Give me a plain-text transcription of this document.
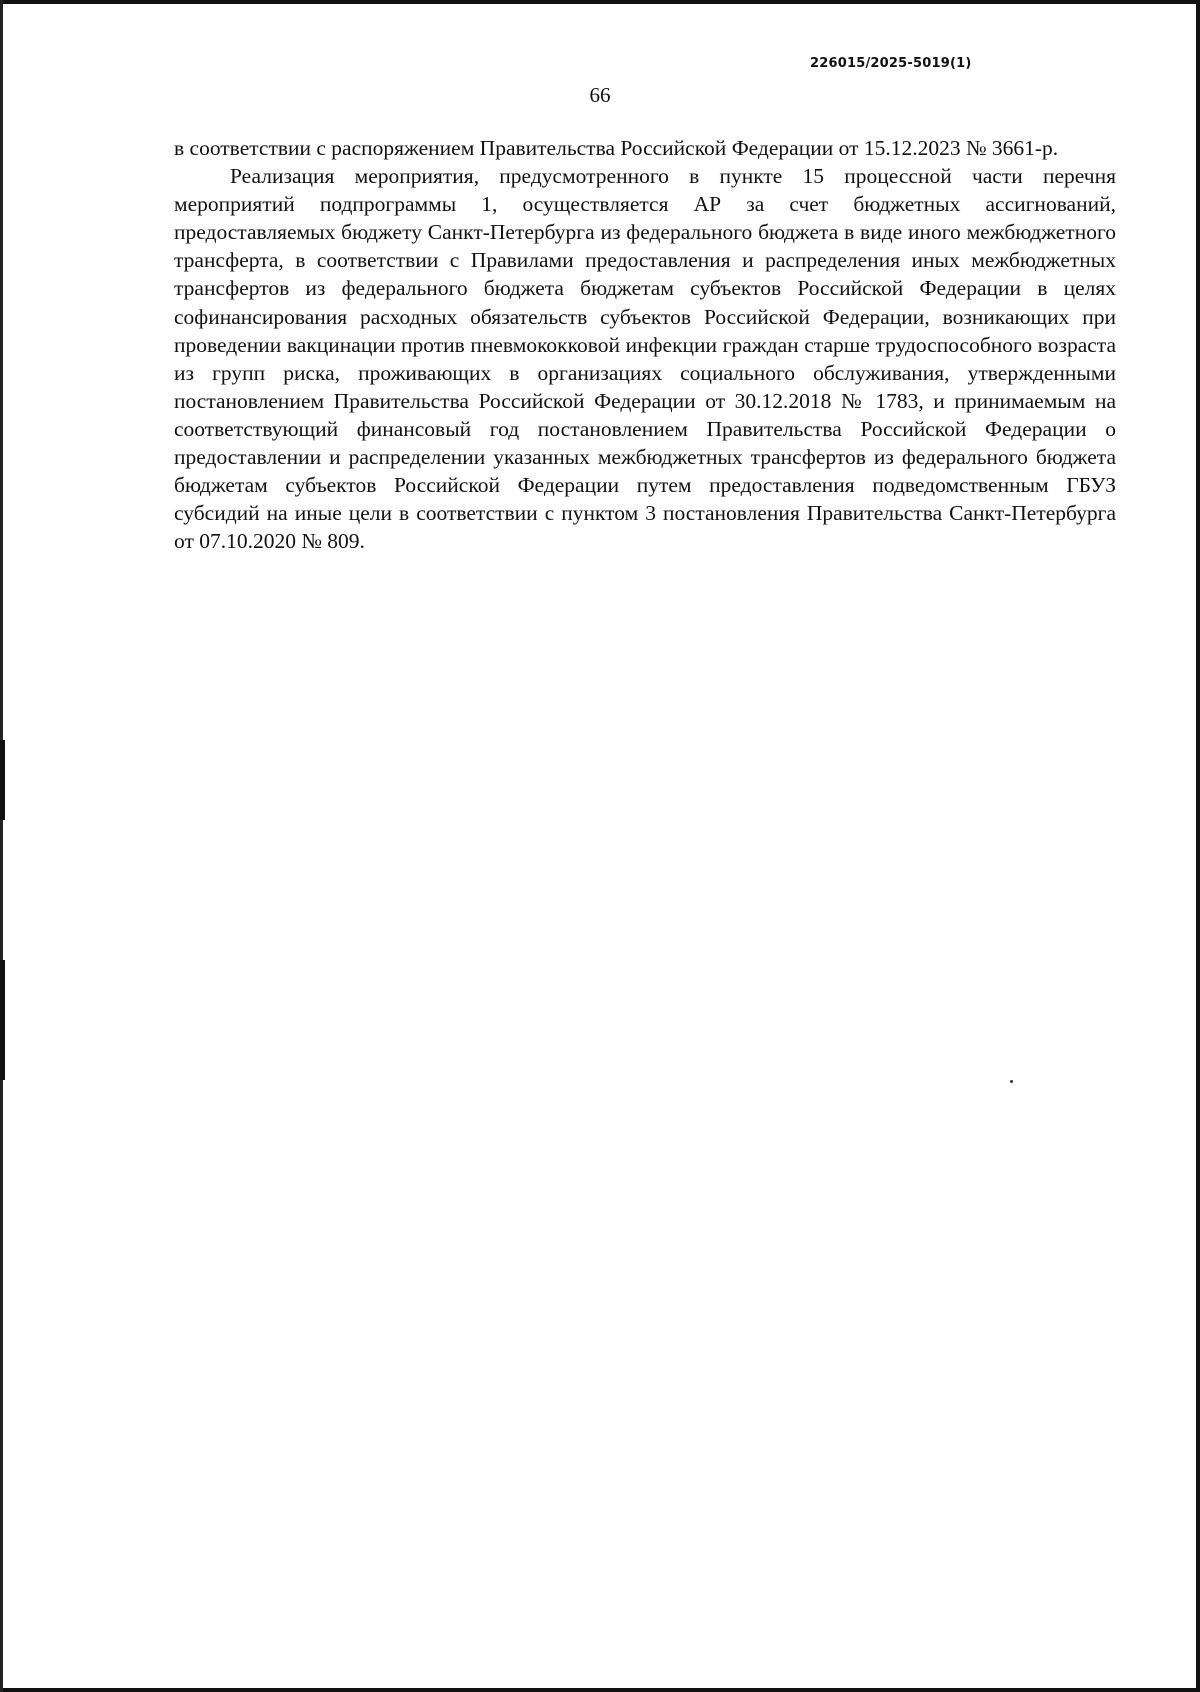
226015/2025-5019(1)
66

в соответствии с распоряжением Правительства Российской Федерации от 15.12.2023 № 3661-р.

Реализация мероприятия, предусмотренного в пункте 15 процессной части перечня мероприятий подпрограммы 1, осуществляется АР за счет бюджетных ассигнований, предоставляемых бюджету Санкт-Петербурга из федерального бюджета в виде иного межбюджетного трансферта, в соответствии с Правилами предоставления и распределения иных межбюджетных трансфертов из федерального бюджета бюджетам субъектов Российской Федерации в целях софинансирования расходных обязательств субъектов Российской Федерации, возникающих при проведении вакцинации против пневмококковой инфекции граждан старше трудоспособного возраста из групп риска, проживающих в организациях социального обслуживания, утвержденными постановлением Правительства Российской Федерации от 30.12.2018 № 1783, и принимаемым на соответствующий финансовый год постановлением Правительства Российской Федерации о предоставлении и распределении указанных межбюджетных трансфертов из федерального бюджета бюджетам субъектов Российской Федерации путем предоставления подведомственным ГБУЗ субсидий на иные цели в соответствии с пунктом 3 постановления Правительства Санкт-Петербурга от 07.10.2020 № 809.
